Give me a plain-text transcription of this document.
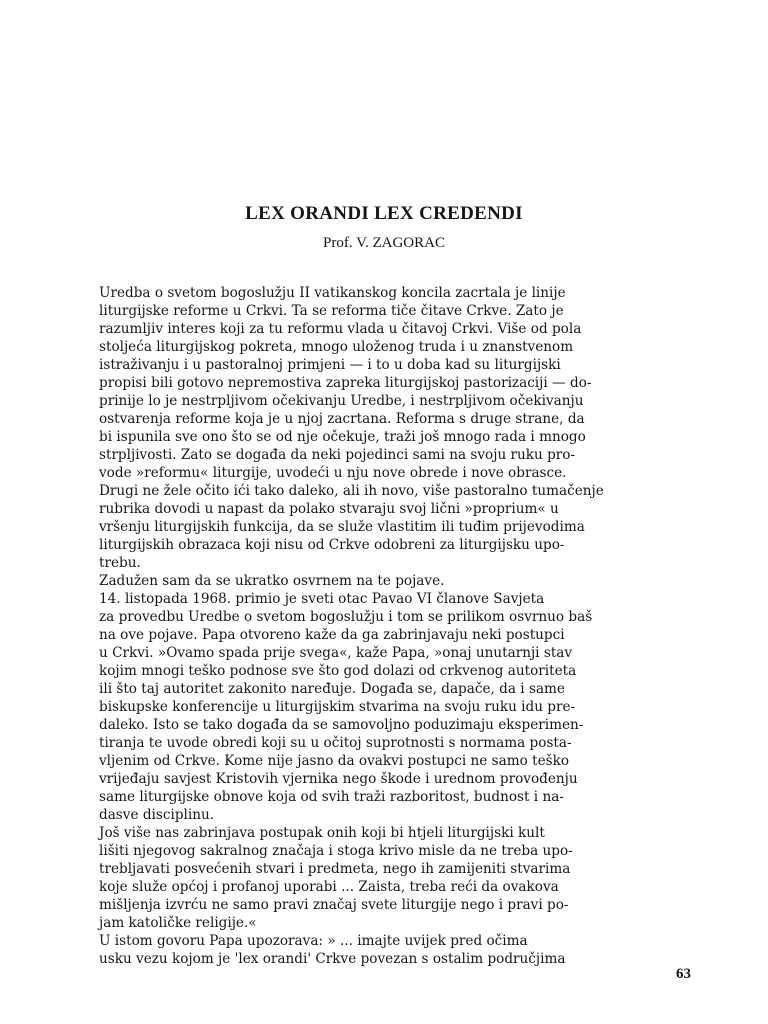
LEX ORANDI LEX CREDENDI

Prof. V. ZAGORAC

Uredba o svetom bogoslužju II vatikanskog koncila zacrtala je linije
liturgijske reforme u Crkvi. Ta se reforma tiče čitave Crkve. Zato je
razumljiv interes koji za tu reformu vlada u čitavoj Crkvi. Više od pola
stoljeća liturgijskog pokreta, mnogo uloženog truda i u znanstvenom
istraživanju i u pastoralnoj primjeni — i to u doba kad su liturgijski
propisi bili gotovo nepremostiva zapreka liturgijskoj pastorizaciji — do-
prinije lo je nestrpljivom očekivanju Uredbe, i nestrpljivom očekivanju
ostvarenja reforme koja je u njoj zacrtana. Reforma s druge strane, da
bi ispunila sve ono što se od nje očekuje, traži još mnogo rada i mnogo
strpljivosti. Zato se događa da neki pojedinci sami na svoju ruku pro-
vode »reformu« liturgije, uvodeći u nju nove obrede i nove obrasce.
Drugi ne žele očito ići tako daleko, ali ih novo, više pastoralno tumačenje
rubrika dovodi u napast da polako stvaraju svoj lični »proprium« u
vršenju liturgijskih funkcija, da se služe vlastitim ili tuđim prijevodima
liturgijskih obrazaca koji nisu od Crkve odobreni za liturgijsku upo-
trebu.
Zadužen sam da se ukratko osvrnem na te pojave.
14. listopada 1968. primio je sveti otac Pavao VI članove Savjeta
za provedbu Uredbe o svetom bogoslužju i tom se prilikom osvrnuo baš
na ove pojave. Papa otvoreno kaže da ga zabrinjavaju neki postupci
u Crkvi. »Ovamo spada prije svega«, kaže Papa, »onaj unutarnji stav
kojim mnogi teško podnose sve što god dolazi od crkvenog autoriteta
ili što taj autoritet zakonito naređuje. Događa se, dapače, da i same
biskupske konferencije u liturgijskim stvarima na svoju ruku idu pre-
daleko. Isto se tako događa da se samovoljno poduzimaju eksperimen-
tiranja te uvode obredi koji su u očitoj suprotnosti s normama posta-
vljenim od Crkve. Kome nije jasno da ovakvi postupci ne samo teško
vrijeđaju savjest Kristovih vjernika nego škode i urednom provođenju
same liturgijske obnove koja od svih traži razboritost, budnost i na-
dasve disciplinu.
Još više nas zabrinjava postupak onih koji bi htjeli liturgijski kult
lišiti njegovog sakralnog značaja i stoga krivo misle da ne treba upo-
trebljavati posvećenih stvari i predmeta, nego ih zamijeniti stvarima
koje služe općoj i profanoj uporabi ... Zaista, treba reći da ovakova
mišljenja izvrću ne samo pravi značaj svete liturgije nego i pravi po-
jam katoličke religije.«
U istom govoru Papa upozorava: » ... imajte uvijek pred očima
usku vezu kojom je 'lex orandi' Crkve povezan s ostalim područjima
63
